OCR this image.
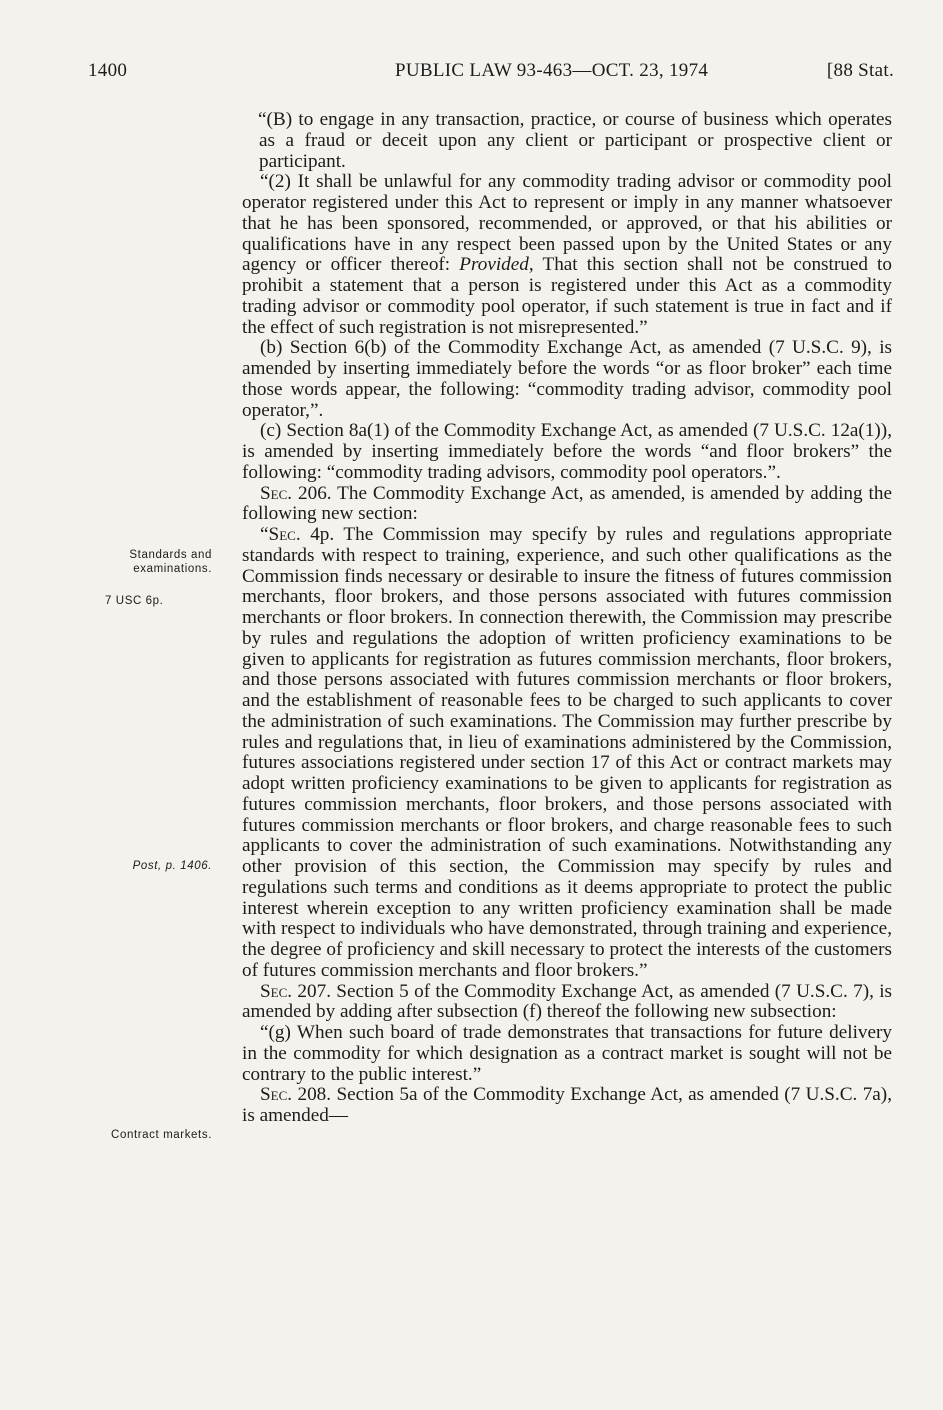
1400	PUBLIC LAW 93-463—OCT. 23, 1974	[88 Stat.
Standards and examinations.
7 USC 6p.
Post, p. 1406.
Contract markets.

“(B) to engage in any transaction, practice, or course of business which operates as a fraud or deceit upon any client or participant or prospective client or participant.

“(2) It shall be unlawful for any commodity trading advisor or commodity pool operator registered under this Act to represent or imply in any manner whatsoever that he has been sponsored, recommended, or approved, or that his abilities or qualifications have in any respect been passed upon by the United States or any agency or officer thereof: Provided, That this section shall not be construed to prohibit a statement that a person is registered under this Act as a commodity trading advisor or commodity pool operator, if such statement is true in fact and if the effect of such registration is not misrepresented.”

(b) Section 6(b) of the Commodity Exchange Act, as amended (7 U.S.C. 9), is amended by inserting immediately before the words “or as floor broker” each time those words appear, the following: “commodity trading advisor, commodity pool operator,”.

(c) Section 8a(1) of the Commodity Exchange Act, as amended (7 U.S.C. 12a(1)), is amended by inserting immediately before the words “and floor brokers” the following: “commodity trading advisors, commodity pool operators.”.

Sec. 206. The Commodity Exchange Act, as amended, is amended by adding the following new section:

“Sec. 4p. The Commission may specify by rules and regulations appropriate standards with respect to training, experience, and such other qualifications as the Commission finds necessary or desirable to insure the fitness of futures commission merchants, floor brokers, and those persons associated with futures commission merchants or floor brokers. In connection therewith, the Commission may prescribe by rules and regulations the adoption of written proficiency examinations to be given to applicants for registration as futures commission merchants, floor brokers, and those persons associated with futures commission merchants or floor brokers, and the establishment of reasonable fees to be charged to such applicants to cover the administration of such examinations. The Commission may further prescribe by rules and regulations that, in lieu of examinations administered by the Commission, futures associations registered under section 17 of this Act or contract markets may adopt written proficiency examinations to be given to applicants for registration as futures commission merchants, floor brokers, and those persons associated with futures commission merchants or floor brokers, and charge reasonable fees to such applicants to cover the administration of such examinations. Notwithstanding any other provision of this section, the Commission may specify by rules and regulations such terms and conditions as it deems appropriate to protect the public interest wherein exception to any written proficiency examination shall be made with respect to individuals who have demonstrated, through training and experience, the degree of proficiency and skill necessary to protect the interests of the customers of futures commission merchants and floor brokers.”

Sec. 207. Section 5 of the Commodity Exchange Act, as amended (7 U.S.C. 7), is amended by adding after subsection (f) thereof the following new subsection:

“(g) When such board of trade demonstrates that transactions for future delivery in the commodity for which designation as a contract market is sought will not be contrary to the public interest.”

Sec. 208. Section 5a of the Commodity Exchange Act, as amended (7 U.S.C. 7a), is amended—
